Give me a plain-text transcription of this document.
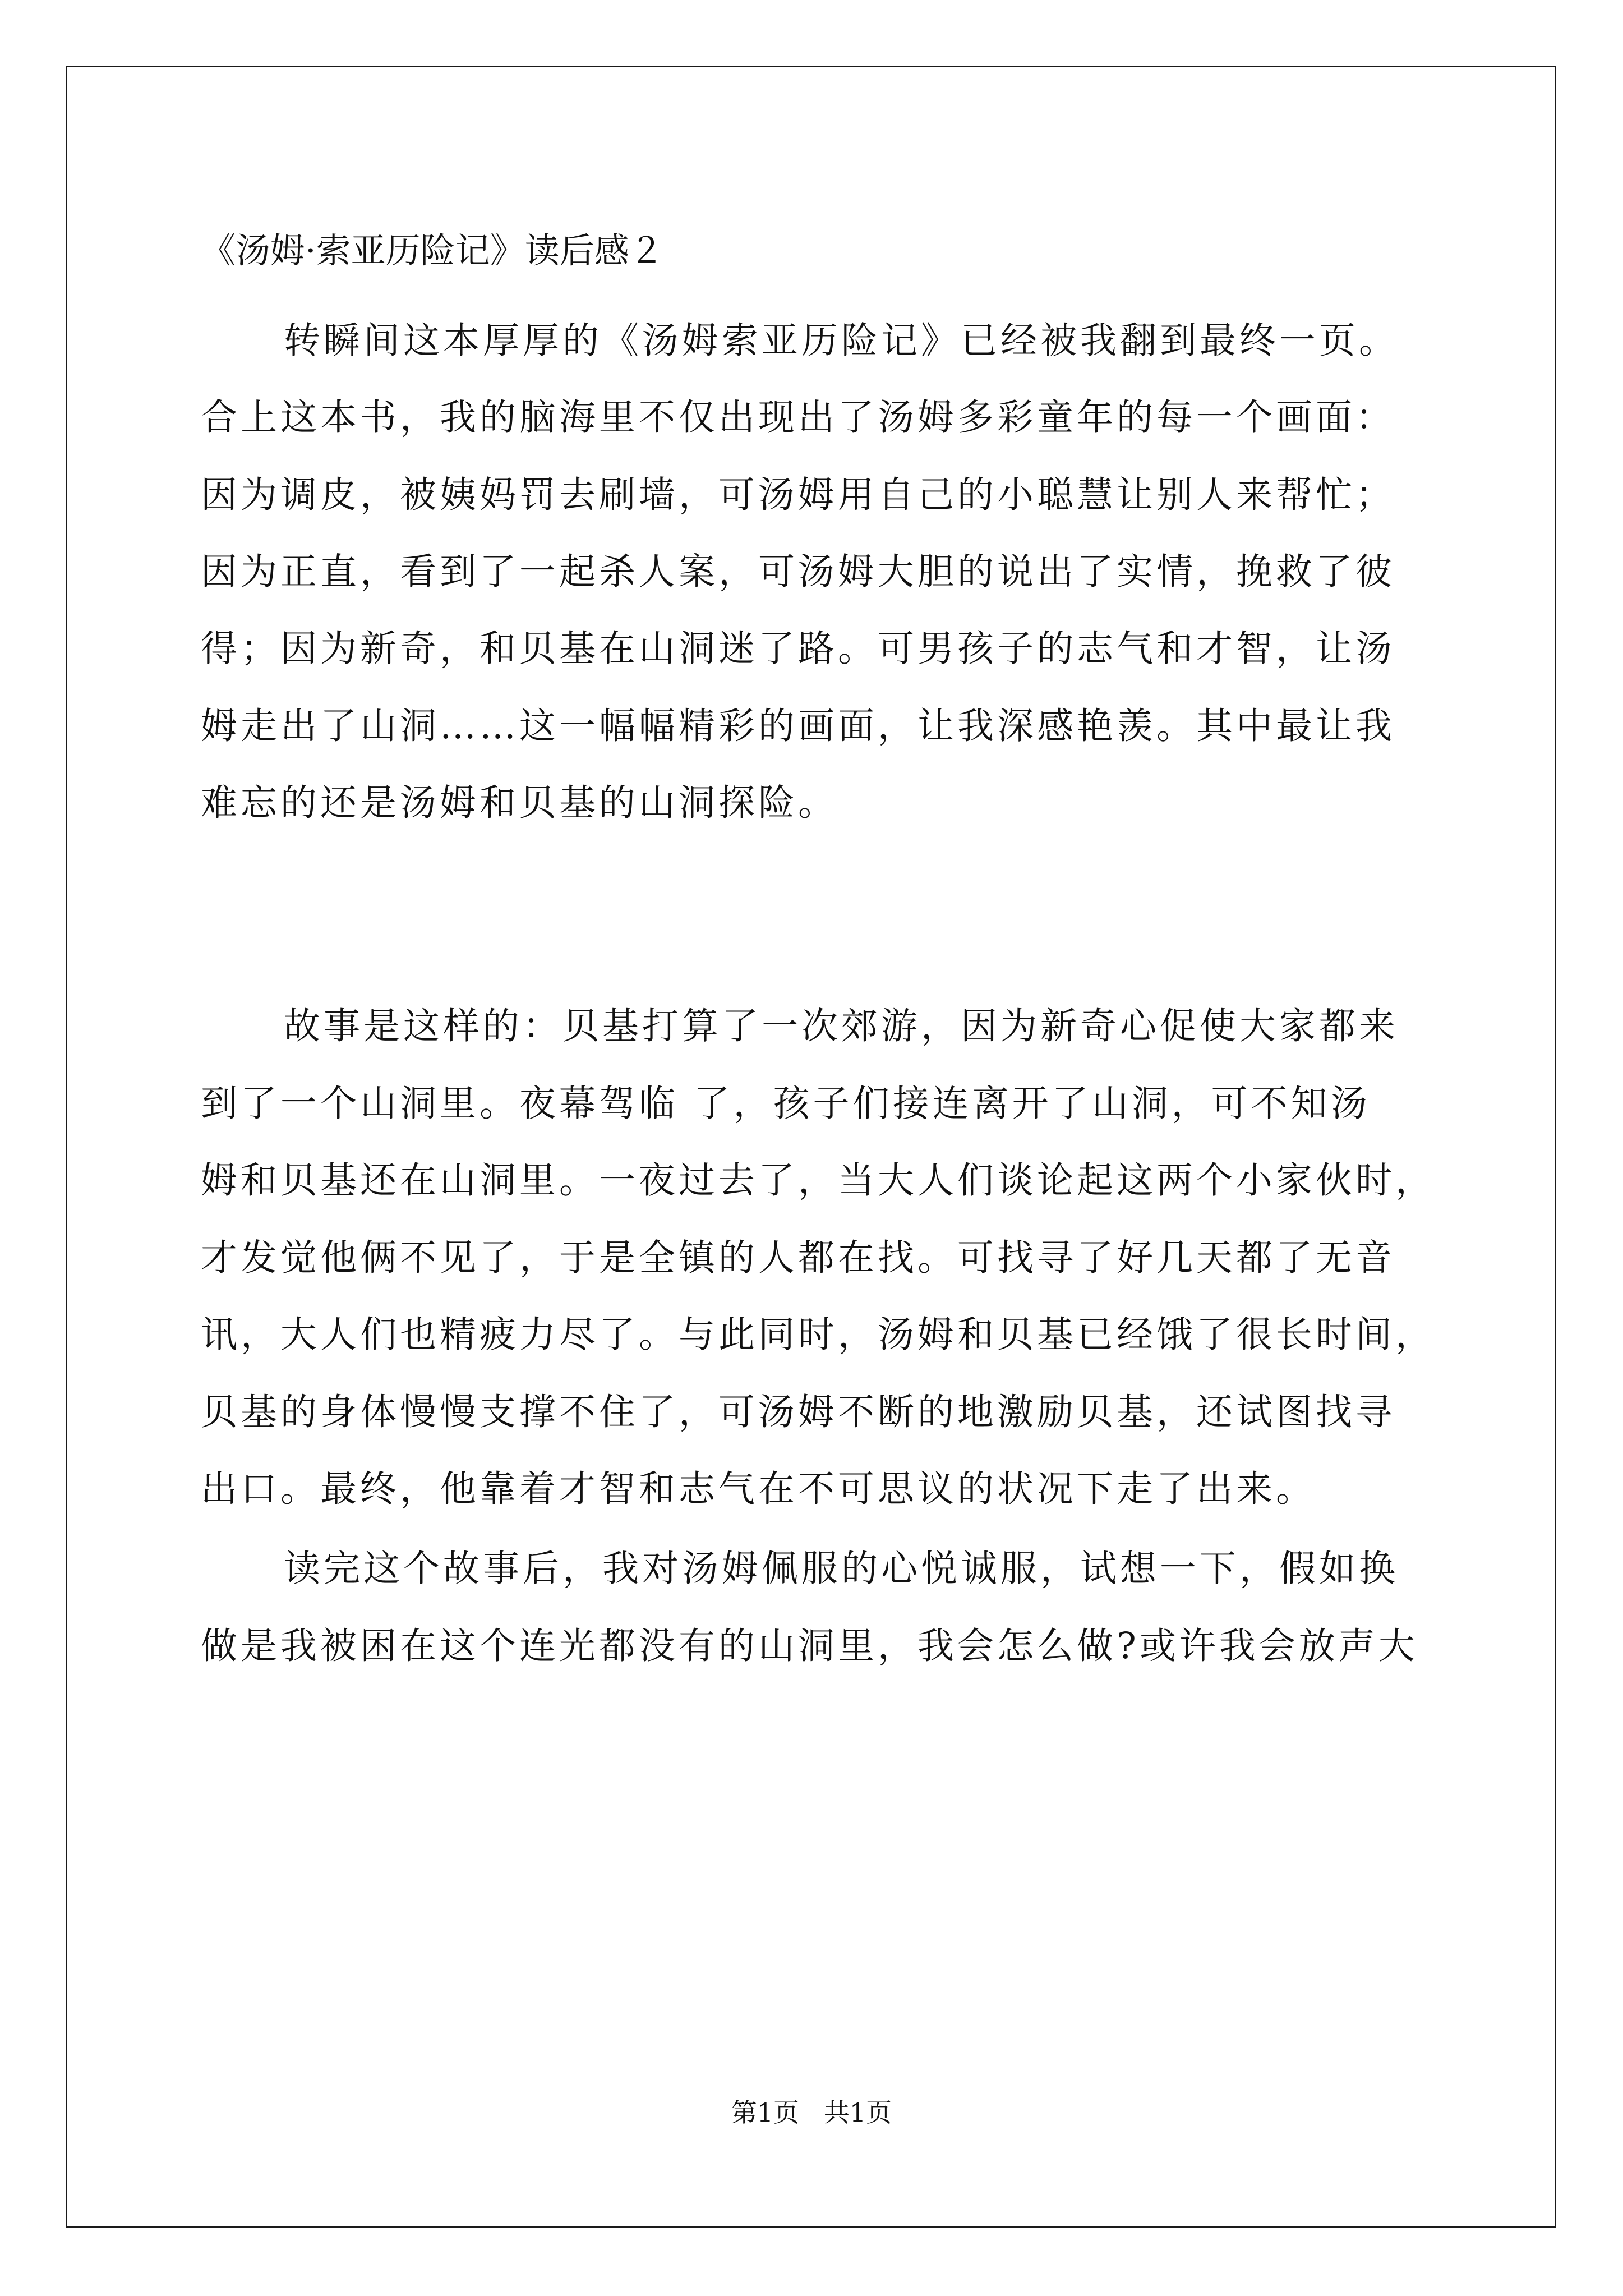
《汤姆·索亚历险记》读后感２
转瞬间这本厚厚的《汤姆索亚历险记》已经被我翻到最终一页。
合上这本书，我的脑海里不仅出现出了汤姆多彩童年的每一个画面：
因为调皮，被姨妈罚去刷墙，可汤姆用自己的小聪慧让别人来帮忙；
因为正直，看到了一起杀人案，可汤姆大胆的说出了实情，挽救了彼
得；因为新奇，和贝基在山洞迷了路。可男孩子的志气和才智，让汤
姆走出了山洞……这一幅幅精彩的画面，让我深感艳羡。其中最让我
难忘的还是汤姆和贝基的山洞探险。
故事是这样的：贝基打算了一次郊游，因为新奇心促使大家都来
到了一个山洞里。夜幕驾临 了，孩子们接连离开了山洞，可不知汤
姆和贝基还在山洞里。一夜过去了，当大人们谈论起这两个小家伙时，
才发觉他俩不见了，于是全镇的人都在找。可找寻了好几天都了无音
讯，大人们也精疲力尽了。与此同时，汤姆和贝基已经饿了很长时间，
贝基的身体慢慢支撑不住了，可汤姆不断的地激励贝基，还试图找寻
出口。最终，他靠着才智和志气在不可思议的状况下走了出来。
读完这个故事后，我对汤姆佩服的心悦诚服，试想一下，假如换
做是我被困在这个连光都没有的山洞里，我会怎么做?或许我会放声大
第1页   共1页
